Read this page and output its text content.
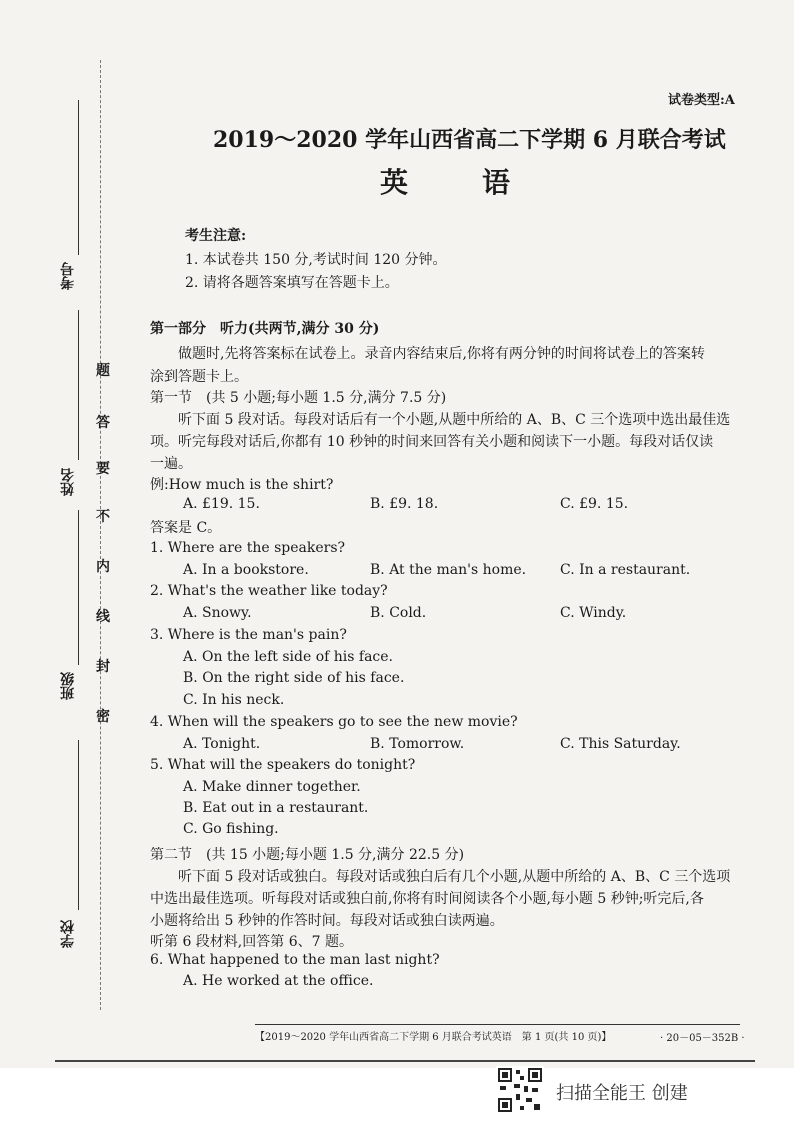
考号
姓名
班级
学校
题
答
要
不
内
线
封
密
试卷类型:A
2019～2020 学年山西省高二下学期 6 月联合考试
英　　语
考生注意:
1. 本试卷共 150 分,考试时间 120 分钟。
2. 请将各题答案填写在答题卡上。
第一部分　听力(共两节,满分 30 分)
　　做题时,先将答案标在试卷上。录音内容结束后,你将有两分钟的时间将试卷上的答案转
涂到答题卡上。
第一节　(共 5 小题;每小题 1.5 分,满分 7.5 分)
　　听下面 5 段对话。每段对话后有一个小题,从题中所给的 A、B、C 三个选项中选出最佳选
项。听完每段对话后,你都有 10 秒钟的时间来回答有关小题和阅读下一小题。每段对话仅读
一遍。
例:How much is the shirt?
A. £19. 15.	B. £9. 18.	C. £9. 15.
答案是 C。
1. Where are the speakers?
A. In a bookstore.	B. At the man's home. C. In a restaurant.
2. What's the weather like today?
A. Snowy.	B. Cold.	C. Windy.
3. Where is the man's pain?
A. On the left side of his face.
B. On the right side of his face.
C. In his neck.
4. When will the speakers go to see the new movie?
A. Tonight.	B. Tomorrow.	C. This Saturday.
5. What will the speakers do tonight?
A. Make dinner together.
B. Eat out in a restaurant.
C. Go fishing.
第二节　(共 15 小题;每小题 1.5 分,满分 22.5 分)
　　听下面 5 段对话或独白。每段对话或独白后有几个小题,从题中所给的 A、B、C 三个选项
中选出最佳选项。听每段对话或独白前,你将有时间阅读各个小题,每小题 5 秒钟;听完后,各
小题将给出 5 秒钟的作答时间。每段对话或独白读两遍。
听第 6 段材料,回答第 6、7 题。
6. What happened to the man last night?
A. He worked at the office.
【2019～2020 学年山西省高二下学期 6 月联合考试英语　第 1 页(共 10 页)】	· 20－05－352B ·
扫描全能王 创建
